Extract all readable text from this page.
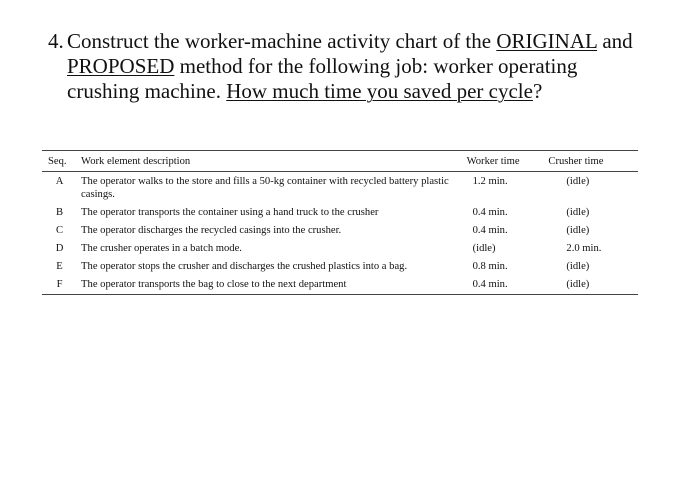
4. Construct the worker-machine activity chart of the ORIGINAL and
PROPOSED method for the following job: worker operating
crushing machine. How much time you saved per cycle?
Seq.	Work element description	Worker time	Crusher time
A	The operator walks to the store and fills a 50-kg container with recycled battery plastic casings.	1.2 min.	(idle)
B	The operator transports the container using a hand truck to the crusher	0.4 min.	(idle)
C	The operator discharges the recycled casings into the crusher.	0.4 min.	(idle)
D	The crusher operates in a batch mode.	(idle)	2.0 min.
E	The operator stops the crusher and discharges the crushed plastics into a bag.	0.8 min.	(idle)
F	The operator transports the bag to close to the next department	0.4 min.	(idle)
